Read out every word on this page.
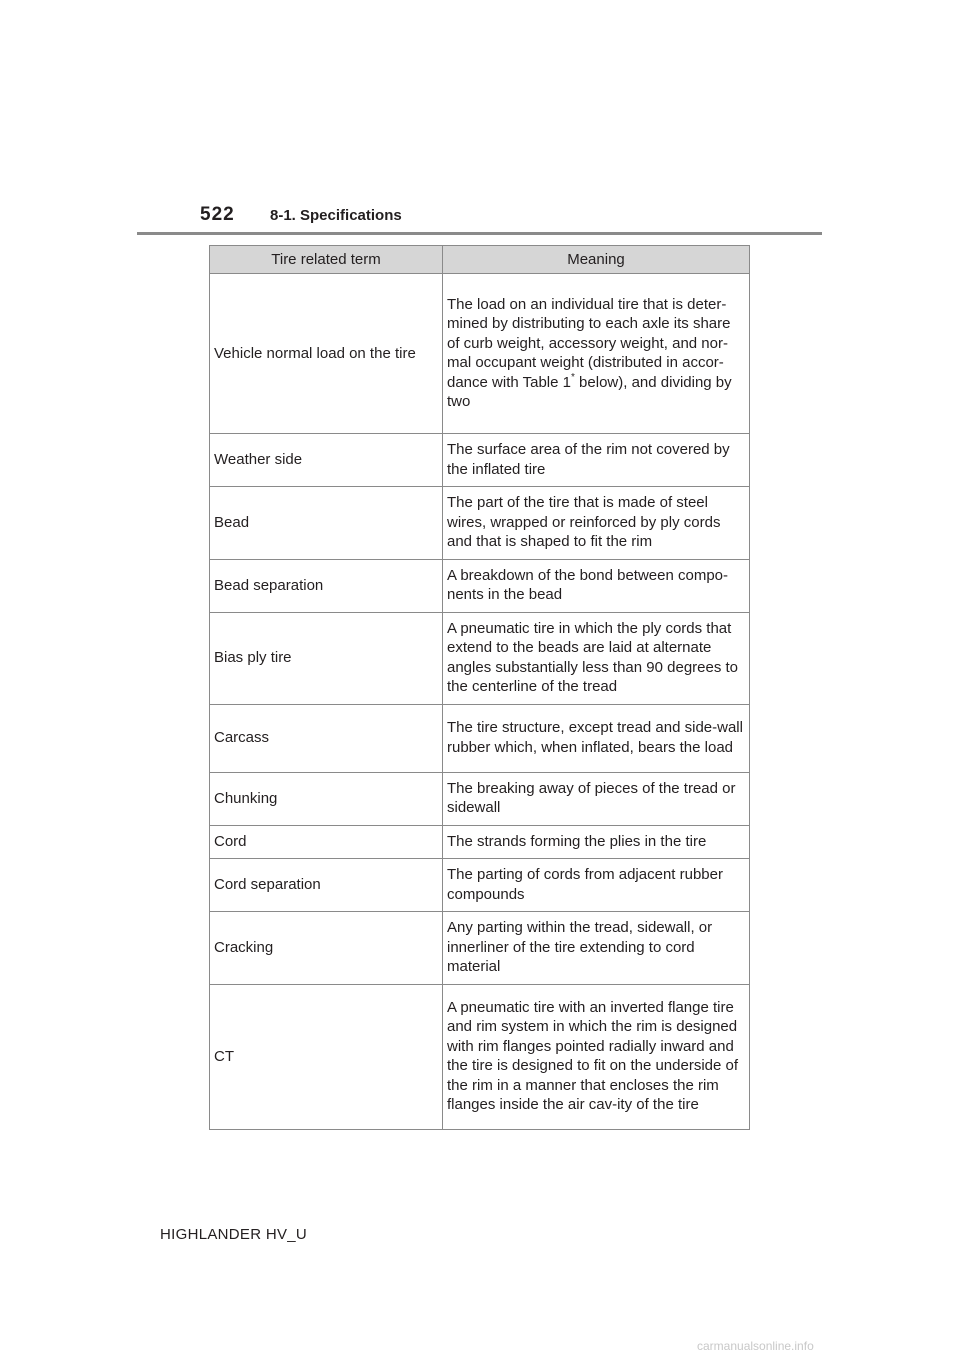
522	8-1. Specifications
Tire related term	Meaning
Vehicle normal load on the tire	The load on an individual tire that is deter-mined by distributing to each axle its share of curb weight, accessory weight, and nor-mal occupant weight (distributed in accor-dance with Table 1* below), and dividing by two
Weather side	The surface area of the rim not covered by the inflated tire
Bead	The part of the tire that is made of steel wires, wrapped or reinforced by ply cords and that is shaped to fit the rim
Bead separation	A breakdown of the bond between compo-nents in the bead
Bias ply tire	A pneumatic tire in which the ply cords that extend to the beads are laid at alternate angles substantially less than 90 degrees to the centerline of the tread
Carcass	The tire structure, except tread and side-wall rubber which, when inflated, bears the load
Chunking	The breaking away of pieces of the tread or sidewall
Cord	The strands forming the plies in the tire
Cord separation	The parting of cords from adjacent rubber compounds
Cracking	Any parting within the tread, sidewall, or innerliner of the tire extending to cord material
CT	A pneumatic tire with an inverted flange tire and rim system in which the rim is designed with rim flanges pointed radially inward and the tire is designed to fit on the underside of the rim in a manner that encloses the rim flanges inside the air cav-ity of the tire
HIGHLANDER HV_U
carmanualsonline.info
